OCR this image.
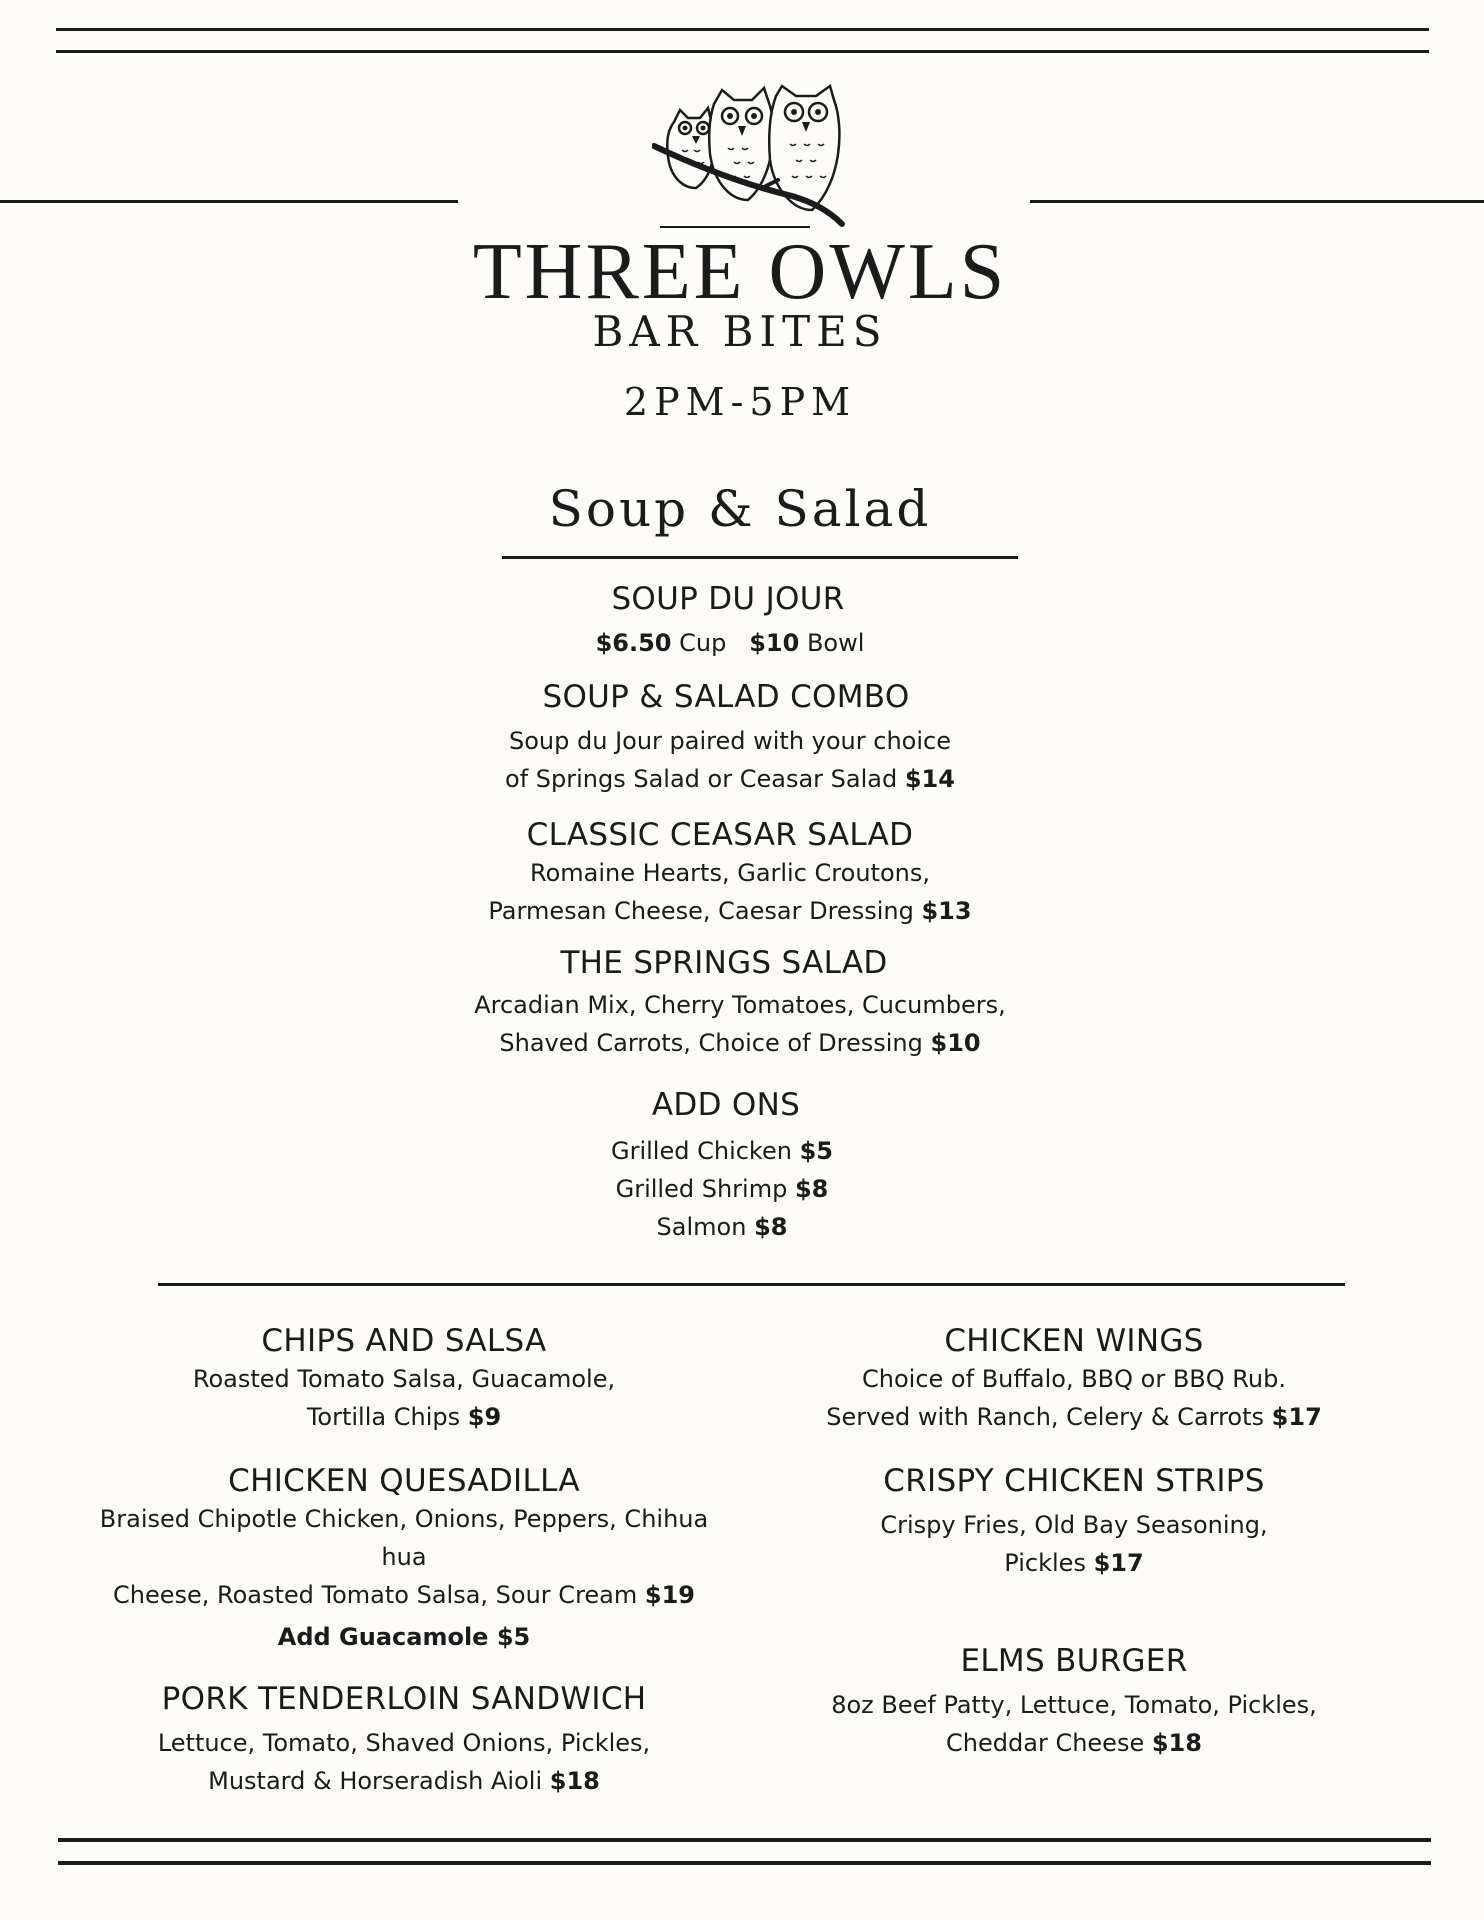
THREE OWLS
BAR BITES
2PM-5PM
Soup & Salad
SOUP DU JOUR
$6.50 Cup $10 Bowl
SOUP & SALAD COMBO
Soup du Jour paired with your choice
of Springs Salad or Ceasar Salad $14
CLASSIC CEASAR SALAD
Romaine Hearts, Garlic Croutons,
Parmesan Cheese, Caesar Dressing $13
THE SPRINGS SALAD
Arcadian Mix, Cherry Tomatoes, Cucumbers,
Shaved Carrots, Choice of Dressing $10
ADD ONS
Grilled Chicken $5
Grilled Shrimp $8
Salmon $8
CHIPS AND SALSA
Roasted Tomato Salsa, Guacamole,
Tortilla Chips $9
CHICKEN QUESADILLA
Braised Chipotle Chicken, Onions, Peppers, Chihua hua
Cheese, Roasted Tomato Salsa, Sour Cream $19
Add Guacamole $5
PORK TENDERLOIN SANDWICH
Lettuce, Tomato, Shaved Onions, Pickles,
Mustard & Horseradish Aioli $18
CHICKEN WINGS
Choice of Buffalo, BBQ or BBQ Rub.
Served with Ranch, Celery & Carrots $17
CRISPY CHICKEN STRIPS
Crispy Fries, Old Bay Seasoning,
Pickles $17
ELMS BURGER
8oz Beef Patty, Lettuce, Tomato, Pickles,
Cheddar Cheese $18
